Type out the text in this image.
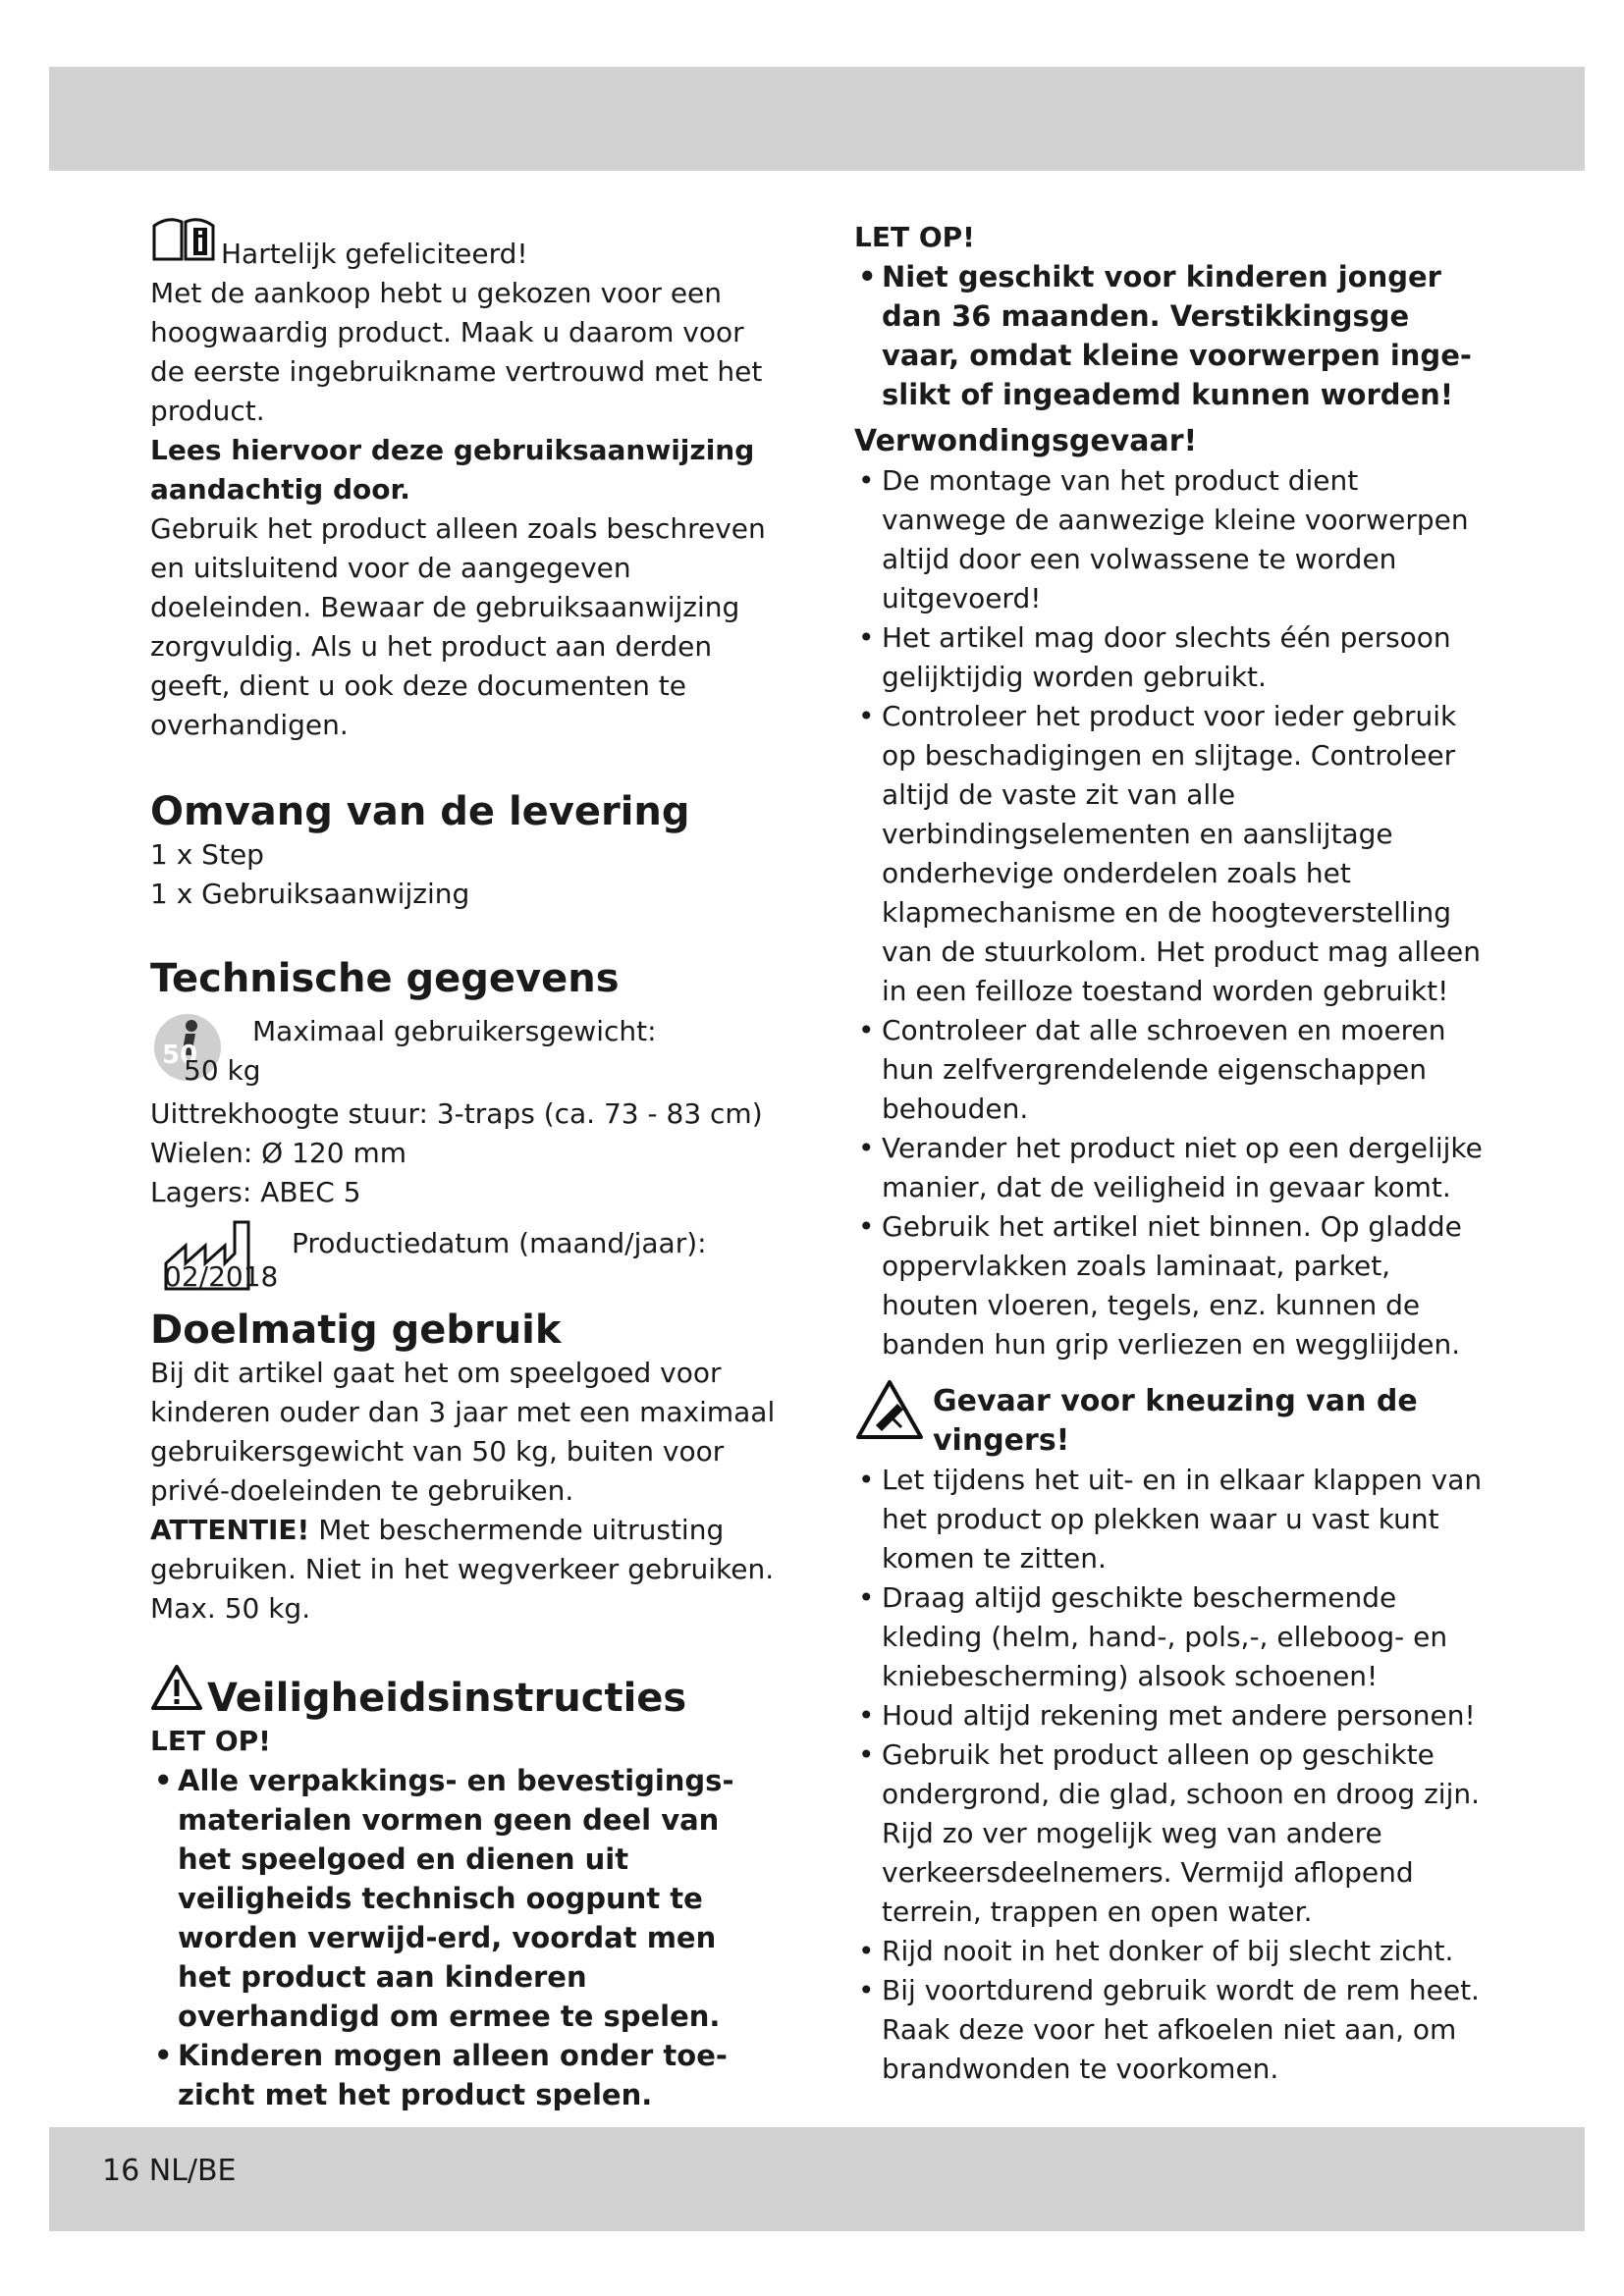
Hartelijk gefeliciteerd!

Met de aankoop hebt u gekozen voor een hoogwaardig product. Maak u daarom voor de eerste ingebruikname vertrouwd met het product.

Lees hiervoor deze gebruiksaanwijzing aandachtig door.

Gebruik het product alleen zoals beschreven en uitsluitend voor de aangegeven doeleinden. Bewaar de gebruiksaanwijzing zorgvuldig. Als u het product aan derden geeft, dient u ook deze documenten te overhandigen.

Omvang van de levering

1 x Step

1 x Gebruiksaanwijzing

Technische gegevens
50
Maximaal gebruikersgewicht:
50 kg

Uittrekhoogte stuur: 3-traps (ca. 73 - 83 cm)

Wielen: Ø 120 mm

Lagers: ABEC 5

Productiedatum (maand/jaar):
02/2018
Doelmatig gebruik

Bij dit artikel gaat het om speelgoed voor kinderen ouder dan 3 jaar met een maximaal gebruikersgewicht van 50 kg, buiten voor privé-doeleinden te gebruiken.

ATTENTIE! Met beschermende uitrusting gebruiken. Niet in het wegverkeer gebruiken. Max. 50 kg.

Veiligheidsinstructies

LET OP!

• Alle verpakkings- en bevestigings-materialen vormen geen deel van het speelgoed en dienen uit veiligheids technisch oogpunt te worden verwijd-erd, voordat men het product aan kinderen overhandigd om ermee te spelen.
• Kinderen mogen alleen onder toe-zicht met het product spelen.

LET OP!

• Niet geschikt voor kinderen jonger dan 36 maanden. Verstikkingsge vaar, omdat kleine voorwerpen inge-slikt of ingeademd kunnen worden!
Verwondingsgevaar!
• De montage van het product dient vanwege de aanwezige kleine voorwerpen altijd door een volwassene te worden uitgevoerd!
• Het artikel mag door slechts één persoon gelijktijdig worden gebruikt.
• Controleer het product voor ieder gebruik op beschadigingen en slijtage. Controleer altijd de vaste zit van alle verbindingselementen en aanslijtage onderhevige onderdelen zoals het klapmechanisme en de hoogteverstelling van de stuurkolom. Het product mag alleen in een feilloze toestand worden gebruikt!
• Controleer dat alle schroeven en moeren hun zelfvergrendelende eigenschappen behouden.
• Verander het product niet op een dergelijke manier, dat de veiligheid in gevaar komt.
• Gebruik het artikel niet binnen. Op gladde oppervlakken zoals laminaat, parket, houten vloeren, tegels, enz. kunnen de banden hun grip verliezen en weggliijden.
Gevaar voor kneuzing van de vingers!
• Let tijdens het uit- en in elkaar klappen van het product op plekken waar u vast kunt komen te zitten.
• Draag altijd geschikte beschermende kleding (helm, hand-, pols,-, elleboog- en kniebescherming) alsook schoenen!
• Houd altijd rekening met andere personen!
• Gebruik het product alleen op geschikte ondergrond, die glad, schoon en droog zijn. Rijd zo ver mogelijk weg van andere verkeersdeelnemers. Vermijd aflopend terrein, trappen en open water.
• Rijd nooit in het donker of bij slecht zicht.
• Bij voortdurend gebruik wordt de rem heet. Raak deze voor het afkoelen niet aan, om brandwonden te voorkomen.
16 NL/BE
